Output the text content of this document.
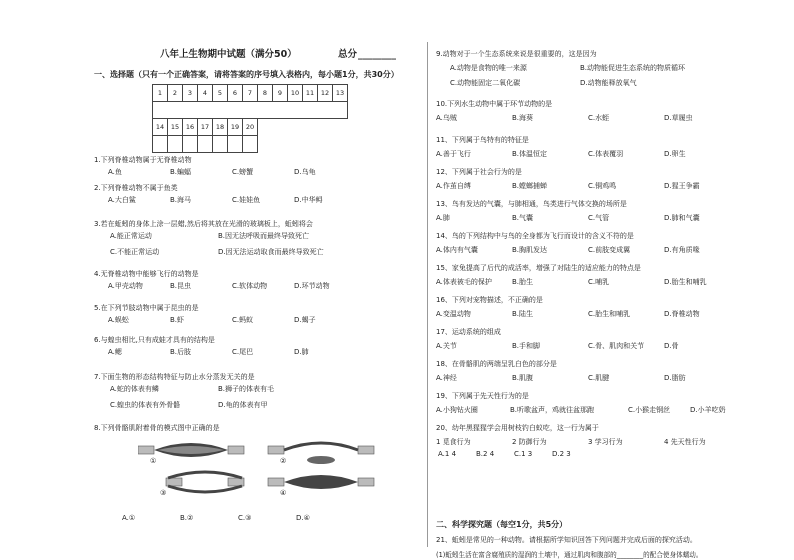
八年上生物期中试题（满分50）	总分 ________
一、选择题（只有一个正确答案，请将答案的序号填入表格内，每小题1分，共30分）
1	2	3	4	5	6	7	8	9	10	11	12	13

14	15	16	17	18	19	20

1.下列脊椎动物属于无脊椎动物
A.鱼	B.蝙蝠	C.螃蟹	D.乌龟
2.下列脊椎动物不属于鱼类
A.大白鲨	B.海马	C.娃娃鱼	D.中华鲟
3.若在蚯蚓的身体上涂一层蜡,然后将其放在光滑的玻璃板上，蚯蚓将会
A.能正常运动	B.因无法呼吸而最终导致死亡
C.不能正常运动	D.因无法运动取食而最终导致死亡
4.无脊椎动物中能够飞行的动物是
A.甲壳动物	B.昆虫	C.软体动物	D.环节动物
5.在下列节肢动物中属于昆虫的是
A.蜈蚣	B.虾	C.蚂蚁	D.蝎子
6.与蝗虫相比,只有成蛙才具有的结构是
A.鳃	B.后肢	C.尾巴	D.肺
7.下面生物的形态结构特征与防止水分蒸发无关的是
A.蛇的体表有鳞	B.狮子的体表有毛
C.蝗虫的体表有外骨骼	D.龟的体表有甲
8.下列骨骼肌附着骨的模式图中正确的是
A.①	B.②	C.③	D.④
①	②
③	④
9.动物对于一个生态系统来说是很重要的，这是因为
A.动物是食物的唯一来源	B.动物能促进生态系统的物质循环
C.动物能固定二氧化碳	D.动物能释放氧气
10.下列水生动物中属于环节动物的是
A.乌贼	B.海葵	C.水蛭	D.草履虫
11、下列属于鸟特有的特征是
A.善于飞行	B.体温恒定	C.体表覆羽	D.卵生
12、下列属于社会行为的是
A.作茧自缚	B.螳螂捕蝉	C.铜鸡鸣	D.猩王争霸
13、鸟有发达的气囊，与肺相通，鸟类进行气体交换的场所是
A.肺	B.气囊	C.气管	D.肺和气囊
14、鸟的下列结构中与鸟的全身都为飞行而设计的含义不符的是
A.体内有气囊	B.胸肌发达	C.前肢变成翼	D.有角质喙
15、家兔提高了后代的成活率，增强了对陆生的适应能力的特点是
A.体表被毛的保护	B.胎生	C.哺乳	D.胎生和哺乳
16、下列对宠物描述，不正确的是
A.变温动物	B.陆生	C.胎生和哺乳	D.脊椎动物
17、运动系统的组成
A.关节	B.手和脚	C.骨、肌肉和关节	D.骨
18、在骨骼肌的两端呈乳白色的部分是
A.神经	B.肌腹	C.肌腱	D.脂肪
19、下列属于先天性行为的是
A.小狗钻火圈	B.听歌盆声，鸡就往盆那跑	C.小猴走钢丝	D.小羊吃奶
20、幼年黑猩猩学会用树枝钓白蚁吃，这一行为属于
1 觅食行为	2 防御行为	3 学习行为	4 先天性行为
A.1 4	B.2 4	C.1 3	D.2 3
二、科学探究题（每空1分，共5分）
21、蚯蚓是常见的一种动物。请根据所学知识回答下列问题并完成后面的探究活动。
(1)蚯蚓生活在富含腐殖质的湿润的土壤中，通过肌肉和腹部的________的配合使身体蠕动。
